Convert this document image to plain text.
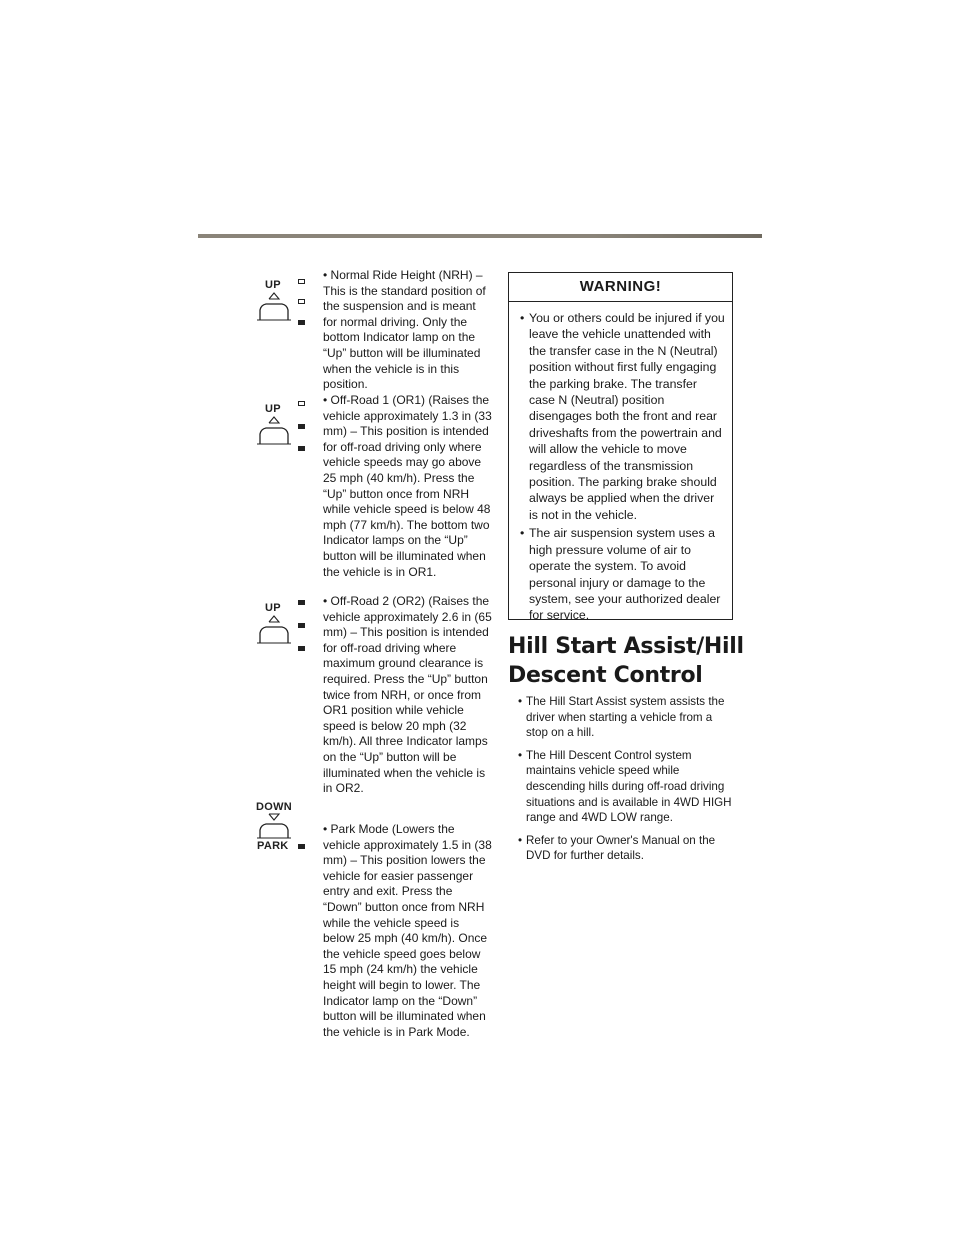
UP

• Normal Ride Height (NRH) – This is the standard position of the suspension and is meant for normal driving. Only the bottom Indicator lamp on the “Up” button will be illuminated when the vehicle is in this position.

UP

• Off-Road 1 (OR1) (Raises the vehicle approximately 1.3 in (33 mm) – This position is intended for off-road driving only where vehicle speeds may go above 25 mph (40 km/h). Press the “Up” button once from NRH while vehicle speed is below 48 mph (77 km/h). The bottom two Indicator lamps on the “Up” button will be illuminated when the vehicle is in OR1.

UP	• Off-Road 2 (OR2) (Raises the vehicle approximately 2.6 in (65 mm) – This position is intended for off-road driving where maximum ground clearance is required. Press the “Up” button twice from NRH, or once from OR1 position while vehicle speed is below 20 mph (32 km/h). All three Indicator lamps on the “Up” button will be illuminated when the vehicle is in OR2.

DOWN
PARK

• Park Mode (Lowers the vehicle approximately 1.5 in (38 mm) – This position lowers the vehicle for easier passenger entry and exit. Press the “Down” button once from NRH while the vehicle speed is below 25 mph (40 km/h). Once the vehicle speed goes below 15 mph (24 km/h) the vehicle height will begin to lower. The Indicator lamp on the “Down” button will be illuminated when the vehicle is in Park Mode.

WARNING!
• You or others could be injured if you leave the vehicle unattended with the transfer case in the N (Neutral) position without first fully engaging the parking brake. The transfer case N (Neutral) position disengages both the front and rear driveshafts from the powertrain and will allow the vehicle to move regardless of the transmission position. The parking brake should always be applied when the driver is not in the vehicle.
• The air suspension system uses a high pressure volume of air to operate the system. To avoid personal injury or damage to the system, see your authorized dealer for service.
Hill Start Assist/Hill Descent Control
• The Hill Start Assist system assists the driver when starting a vehicle from a stop on a hill.
• The Hill Descent Control system maintains vehicle speed while descending hills during off-road driving situations and is available in 4WD HIGH range and 4WD LOW range.
• Refer to your Owner's Manual on the DVD for further details.
